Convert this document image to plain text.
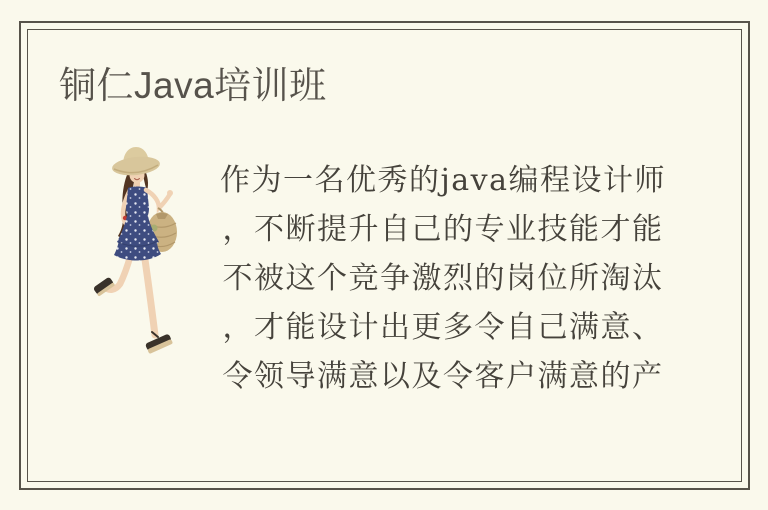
铜仁Java培训班
作为一名优秀的java编程设计师
，不断提升自己的专业技能才能
不被这个竞争激烈的岗位所淘汰
，才能设计出更多令自己满意、
令领导满意以及令客户满意的产
